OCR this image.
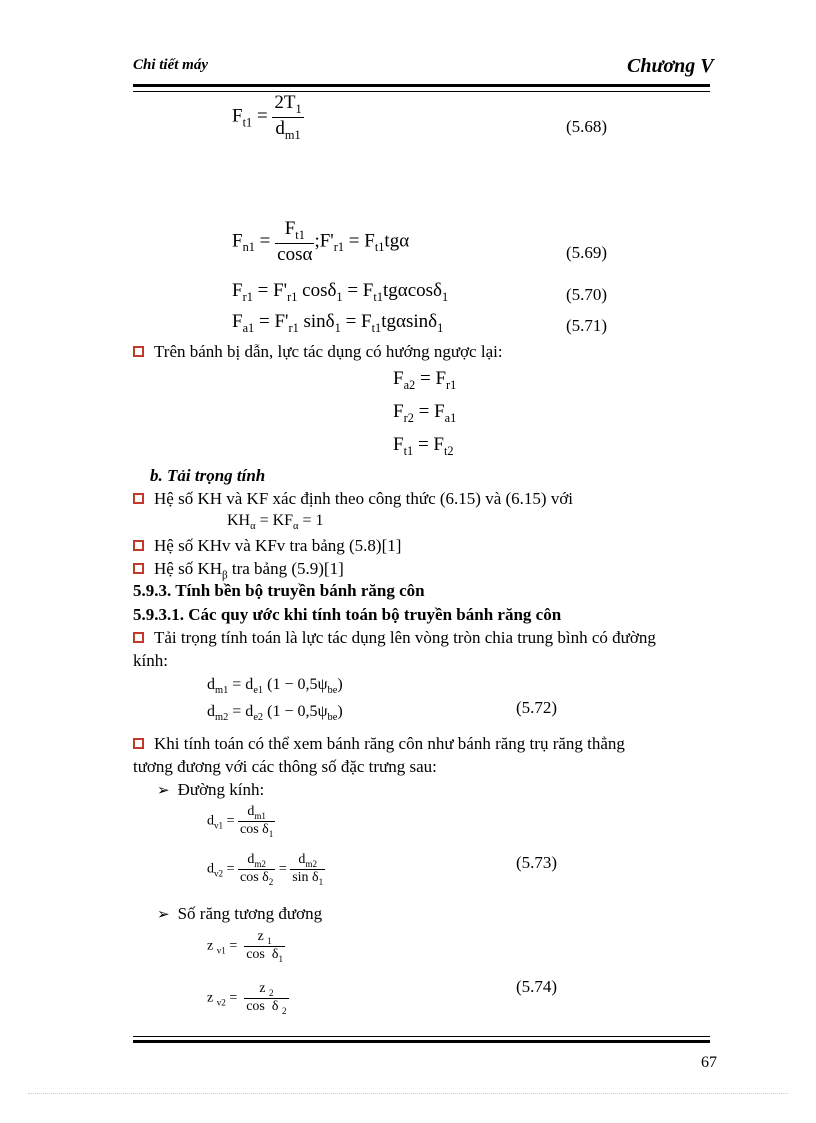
Chi tiết máy	Chương V
$F_{t1} = \frac{2T_1}{d_{m1}}$	(5.68)
$F_{n1} = \frac{F_{t1}}{\cos\alpha}$ $;F'_{r1} = F_{t1}tg\alpha$
(5.69)
$F_{r1} = F'_{r1}$ $\cos\delta_1 = F_{t1}tg\alpha\cos\delta_1$	(5.70)
$F_{a1} = F'_{r1}$ $\sin\delta_1 = F_{t1}tg\alpha\sin\delta_1$	(5.71)
Trên bánh bị dẫn, lực tác dụng có hướng ngược lại:
$F_{a2} = F_{r1}$
$F_{r2} = F_{a1}$
$F_{t1} = F_{t2}$
b. Tải trọng tính
Hệ số KH và KF xác định theo công thức (6.15) và (6.15) với
$KH_\alpha = KF_\alpha = 1$
Hệ số KHv và KFv tra bảng (5.8)[1]
Hệ số $KH_\beta$ tra bảng (5.9)[1]
5.9.3. Tính bền bộ truyền bánh răng côn
5.9.3.1. Các quy ước khi tính toán bộ truyền bánh răng côn
Tải trọng tính toán là lực tác dụng lên vòng tròn chia trung bình có đường
kính:
$d_{m1} = d_{e1}$ $(1 - 0,5\psi_{be})$
$d_{m2} = d_{e2}$ $(1 - 0,5\psi_{be})$	(5.72)
Khi tính toán có thể xem bánh răng côn như bánh răng trụ răng thẳng
tương đương với các thông số đặc trưng sau:
➢ Đường kính:
$d_{v1} = \frac{d_{m1}}{\cos \delta_1}$
$d_{v2} = \frac{d_{m2}}{\cos \delta_2} = \frac{d_{m2}}{\sin \delta_1}$	(5.73)
➢ Số răng tương đương
z $_{v1} = \frac{z _1}{\cos \delta_1}$
z $_{v2} = \frac{z _2}{\cos \delta _2}$	(5.74)
67
